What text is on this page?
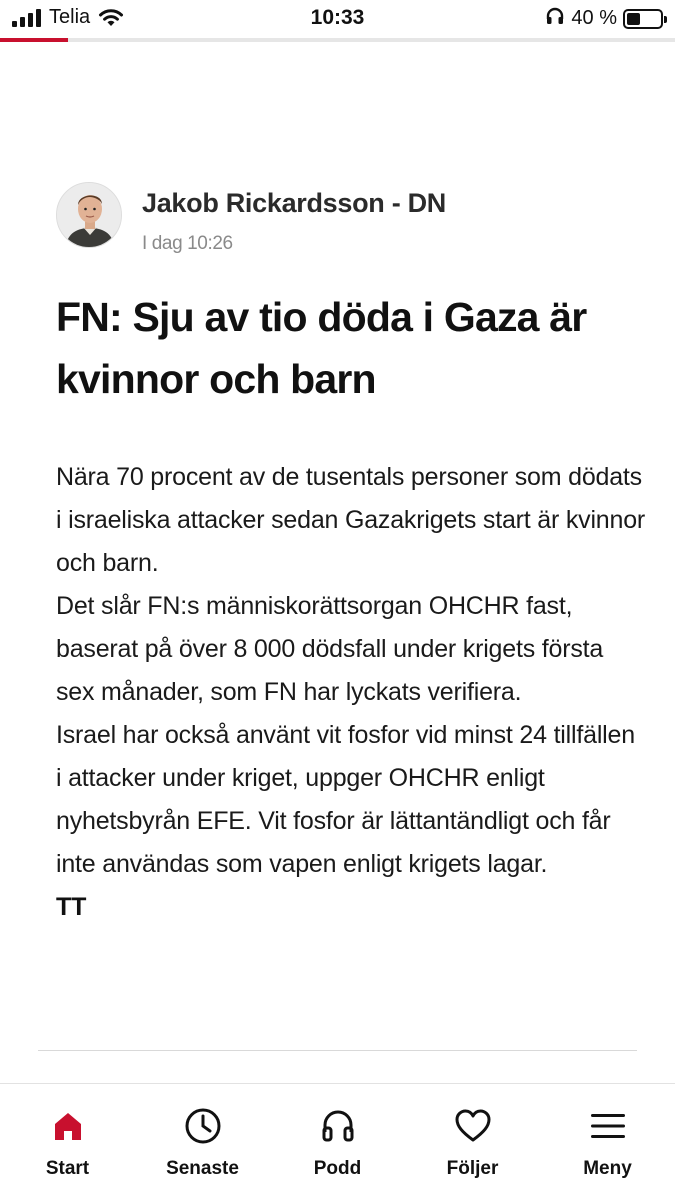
Telia	10:33	40 %
Jakob Rickardsson - DN
I dag 10:26
FN: Sju av tio döda i Gaza är kvinnor och barn

Nära 70 procent av de tusentals personer som dödats i israeliska attacker sedan Gazakrigets start är kvinnor och barn.

Det slår FN:s människorättsorgan OHCHR fast, baserat på över 8 000 dödsfall under krigets första sex månader, som FN har lyckats verifiera.

Israel har också använt vit fosfor vid minst 24 tillfällen i attacker under kriget, uppger OHCHR enligt nyhetsbyrån EFE. Vit fosfor är lättantändligt och får inte användas som vapen enligt krigets lagar.

TT
Start	Senaste	Podd	Följer	Meny
